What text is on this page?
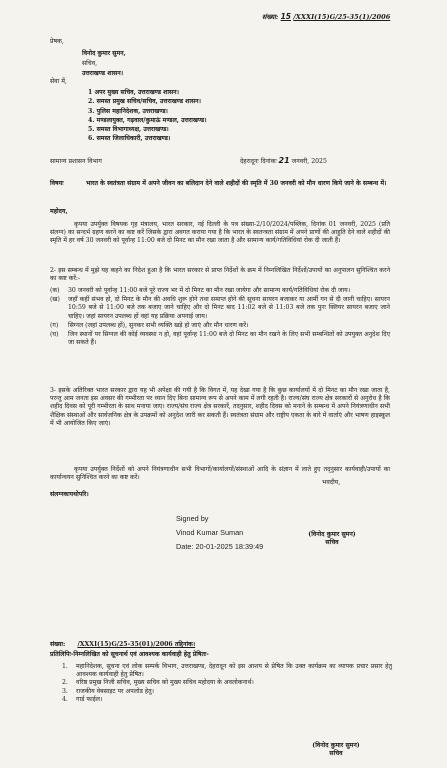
संख्या: 15 /XXXI(15)G/25-35(1)/2006
प्रेषक,
विनोद कुमार सुमन,
सचिव,
उत्तराखण्ड शासन।
सेवा में,
1 अपर मुख्य सचिव, उत्तराखण्ड शासन।
2. समस्त प्रमुख सचिव/सचिव, उत्तराखण्ड शासन।
3. पुलिस महानिदेशक, उत्तराखण्ड।
4. मण्डलायुक्त, गढ़वाल/कुमाऊं मण्डल, उत्तराखण्ड।
5. समस्त विभागाध्यक्ष, उत्तराखण्ड।
6. समस्त जिलाधिकारी, उत्तराखण्ड।
सामान्य प्रशासन विभाग	देहरादूनः दिनांकः 21 जनवरी, 2025
विषयः	भारत के स्वतंत्रता संग्राम में अपने जीवन का बलिदान देने वाले शहीदों की स्मृति में 30 जनवरी को मौन धारण किये जाने के सम्बन्ध में।
महोदय,
कृपया उपर्युक्त विषयक गृह मंत्रालय, भारत सरकार, नई दिल्ली के पत्र संख्या-2/10/2024/पब्लिक, दिनांक 01 जनवरी, 2025 (प्रति संलग्न) का सन्दर्भ ग्रहण करने का कष्ट करें जिसके द्वारा अवगत कराया गया है कि भारत के स्वतन्त्रता संग्राम में अपने प्राणों की आहुति देने वाले शहीदों की स्मृति में हर वर्ष 30 जनवरी को पूर्वान्ह 11:00 बजे दो मिनट का मौन रखा जाता है और सामान्य कार्य/गतिविधियां रोक दी जाती हैं।
2- इस सम्बन्ध में मुझे यह कहने का निदेश हुआ है कि भारत सरकार से प्राप्त निर्देशों के क्रम में निम्नलिखित निर्देशों/उपायों का अनुपालन सुनिश्चित करने का कष्ट करें:-
(क) 30 जनवरी को पूर्वान्ह 11:00 बजे पूरे राज्य भर में दो मिनट का मौन रखा जायेगा और सामान्य कार्य/गतिविधियां रोक दी जाय।
(ख) जहाँ कहीं संभव हो, दो मिनट के मौन की अवधि शुरू होने तथा समाप्त होने की सूचना सायरन बजाकर या आर्मी गन से दी जानी चाहिए। सायरन 10:59 बजे से 11:00 बजे तक बजाए जाने चाहिए और दो मिनट बाद 11:02 बजे से 11:03 बजे तक पुनः क्लियर सायरन बजाए जाने चाहिए। जहां सायरन उपलब्ध हों वहां यह प्रक्रिया अपनाई जाय।
(ग) सिग्नल (जहां उपलब्ध हों), सुनकर सभी व्यक्ति खड़े हो जाएं और मौन धारण करें।
(घ) जिन स्थानों पर सिग्नल की कोई व्यवस्था न हो, वहां पूर्वान्ह 11:00 बजे दो मिनट का मौन रखने के लिए सभी सम्बन्धितों को उपयुक्त अनुदेश दिए जा सकते हैं।
3- इसके अतिरिक्त भारत सरकार द्वारा यह भी अपेक्षा की गयी है कि विगत में, यह देखा गया है कि कुछ कार्यालयों में दो मिनट का मौन रखा जाता है, परन्तु आम जनता इस अवसर की गम्भीरता पर ध्यान दिए बिना सामान्य रूप से अपने काम में लगी रहती है। राज्य/संघ राज्य क्षेत्र सरकारों से अनुरोध है कि शहीद दिवस को पूरी गम्भीरता के साथ मनाया जाए। राज्य/संघ राज्य क्षेत्र सरकारें, तदनुसार, शहीद दिवस को मनाने के सम्बन्ध में अपने नियंत्रणाधीन सभी शैक्षिक संस्थाओं और सार्वजनिक क्षेत्र के उपक्रमों को अनुदेश जारी कर सकती हैं। स्वतंत्रता संग्राम और राष्ट्रीय एकता के बारे में वार्ताएं और भाषण हाइस्कूल में भी आयोजित किए जाएं।
कृपया उपर्युक्त निर्देशों को अपने नियंत्रणाधीन सभी विभागों/कार्यालयों/संस्थाओं आदि के संज्ञान में लाते हुए तद्‌नुसार कार्यवाही/उपायों का कार्यान्वयन सुनिश्चित करने का कष्ट करें।
संलग्नकःयथोपरि।
भवदीय,
Signed by
Vinod Kumar Suman
Date: 20-01-2025 18:39:49
(विनोद कुमार सुमन)
सचिव
संख्या: /XXXI(15)G/25-35(01)/2006 तद्दिनांक।
प्रतिलिपिः-निम्नलिखित को सूचनार्थ एवं आवश्यक कार्यवाही हेतु प्रेषितः-
1. महानिदेशक, सूचना एवं लोक सम्पर्क विभाग, उत्तराखण्ड, देहरादून को इस आशय से प्रेषित कि उक्त कार्यक्रम का व्यापक प्रचार प्रसार हेतु आवश्यक कार्यवाही हेतु प्रेषित।
2. वरिष्ठ प्रमुख निजी सचिव, मुख्य सचिव को मुख्य सचिव महोदया के अवलोकनार्थ।
3. राजकीय वेबसाइट पर अपलोड हेतु।
4. गार्ड फाईल।
(विनोद कुमार सुमन)
सचिव
